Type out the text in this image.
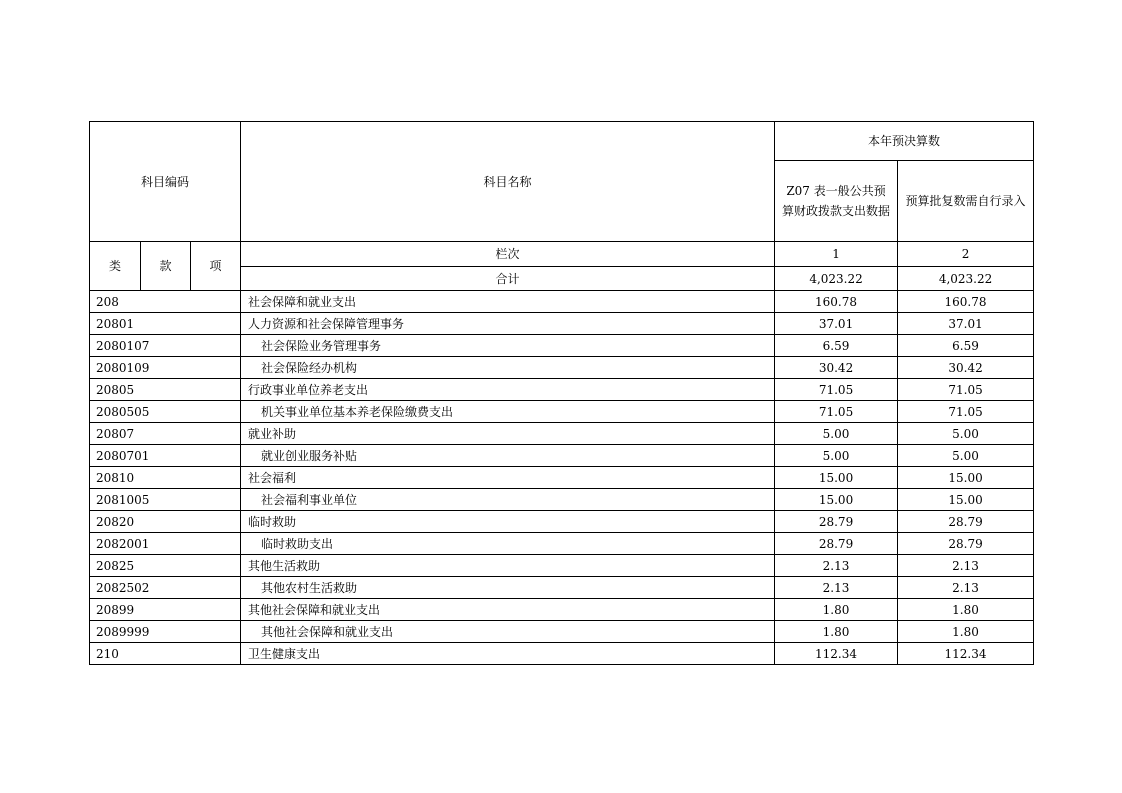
科目编码			科目名称	本年预决算数	
				Z07 表一般公共预算财政拨款支出数据	预算批复数需自行录入
类	款	项	栏次	1	2
			合计	4,023.22	4,023.22
208			社会保障和就业支出	160.78	160.78
20801			人力资源和社会保障管理事务	37.01	37.01
2080107			社会保险业务管理事务	6.59	6.59
2080109			社会保险经办机构	30.42	30.42
20805			行政事业单位养老支出	71.05	71.05
2080505			机关事业单位基本养老保险缴费支出	71.05	71.05
20807			就业补助	5.00	5.00
2080701			就业创业服务补贴	5.00	5.00
20810			社会福利	15.00	15.00
2081005			社会福利事业单位	15.00	15.00
20820			临时救助	28.79	28.79
2082001			临时救助支出	28.79	28.79
20825			其他生活救助	2.13	2.13
2082502			其他农村生活救助	2.13	2.13
20899			其他社会保障和就业支出	1.80	1.80
2089999			其他社会保障和就业支出	1.80	1.80
210			卫生健康支出	112.34	112.34
